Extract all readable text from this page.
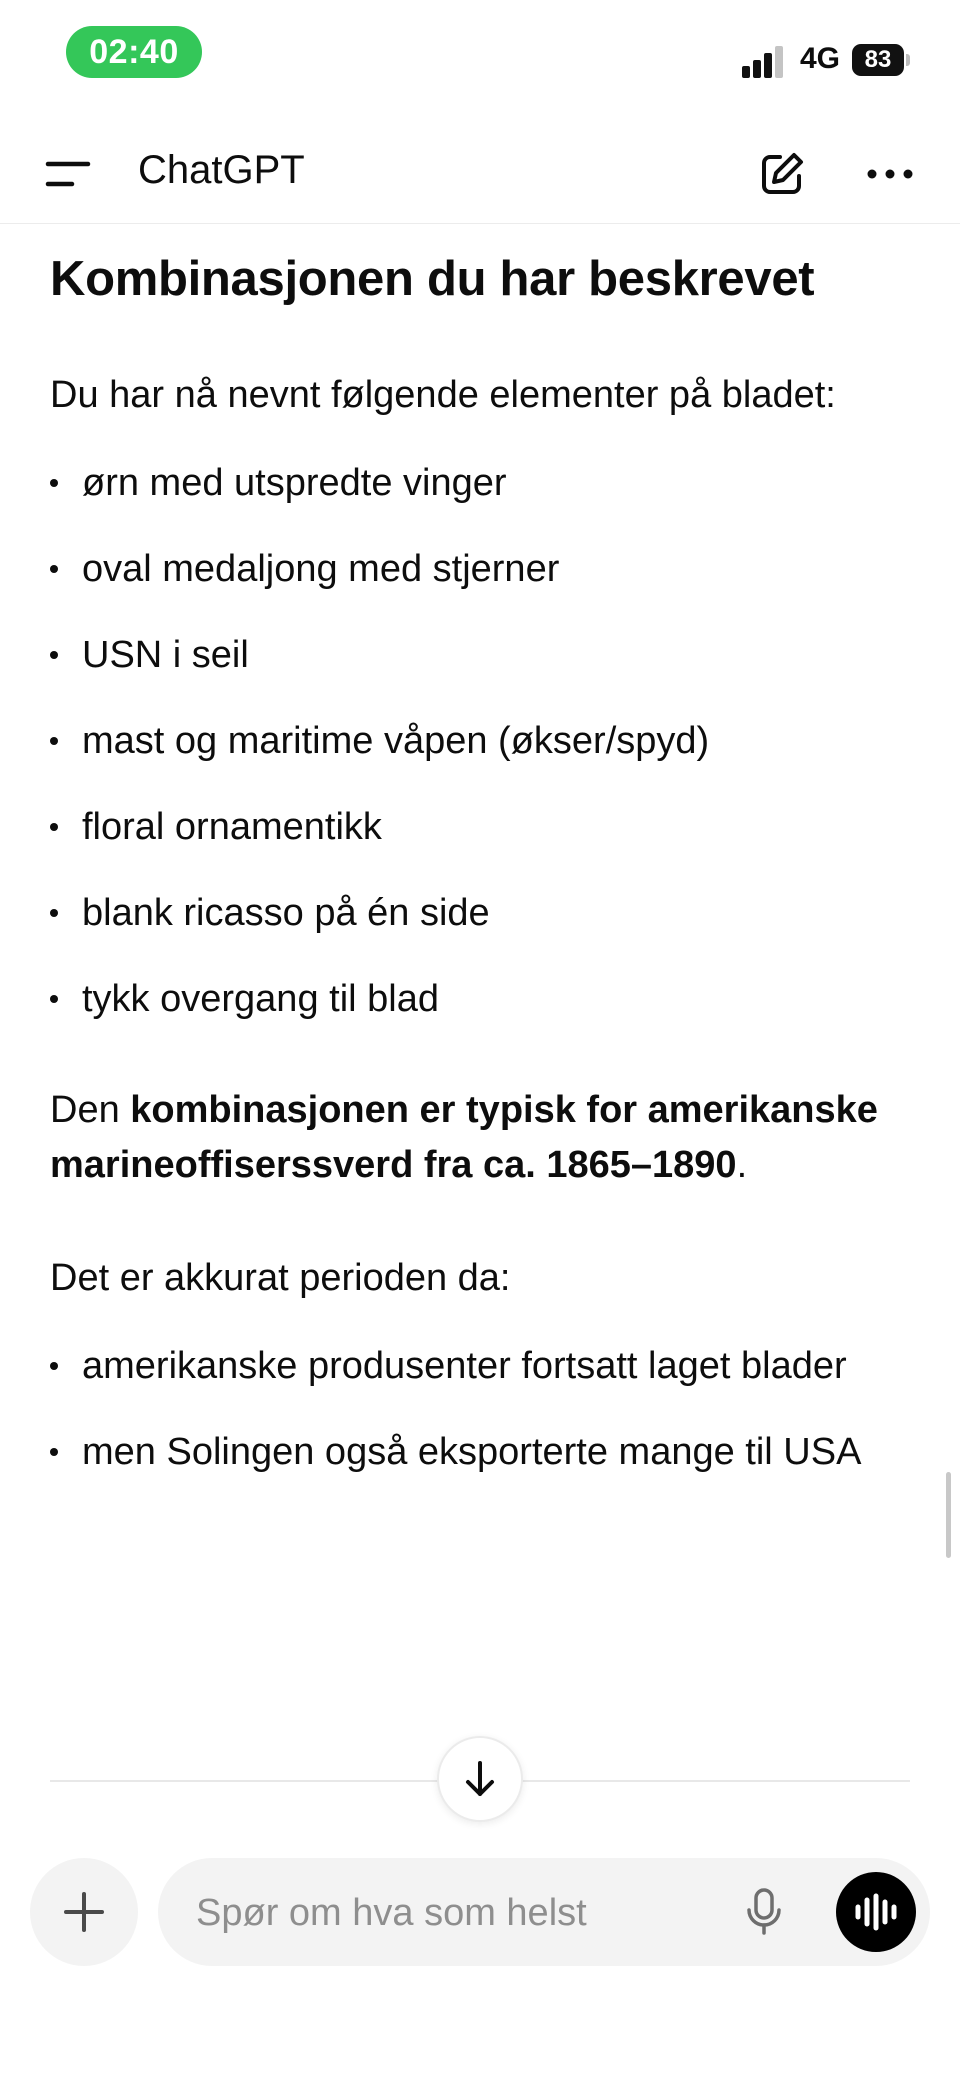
02:40	4G	83
ChatGPT
Kombinasjonen du har beskrevet

Du har nå nevnt følgende elementer på bladet:

ørn med utspredte vinger
oval medaljong med stjerner
USN i seil
mast og maritime våpen (økser/spyd)
floral ornamentikk
blank ricasso på én side
tykk overgang til blad

Den kombinasjonen er typisk for amerikanske marineoffiserssverd fra ca. 1865–1890.

Det er akkurat perioden da:

amerikanske produsenter fortsatt laget blader
men Solingen også eksporterte mange til USA
Spør om hva som helst
